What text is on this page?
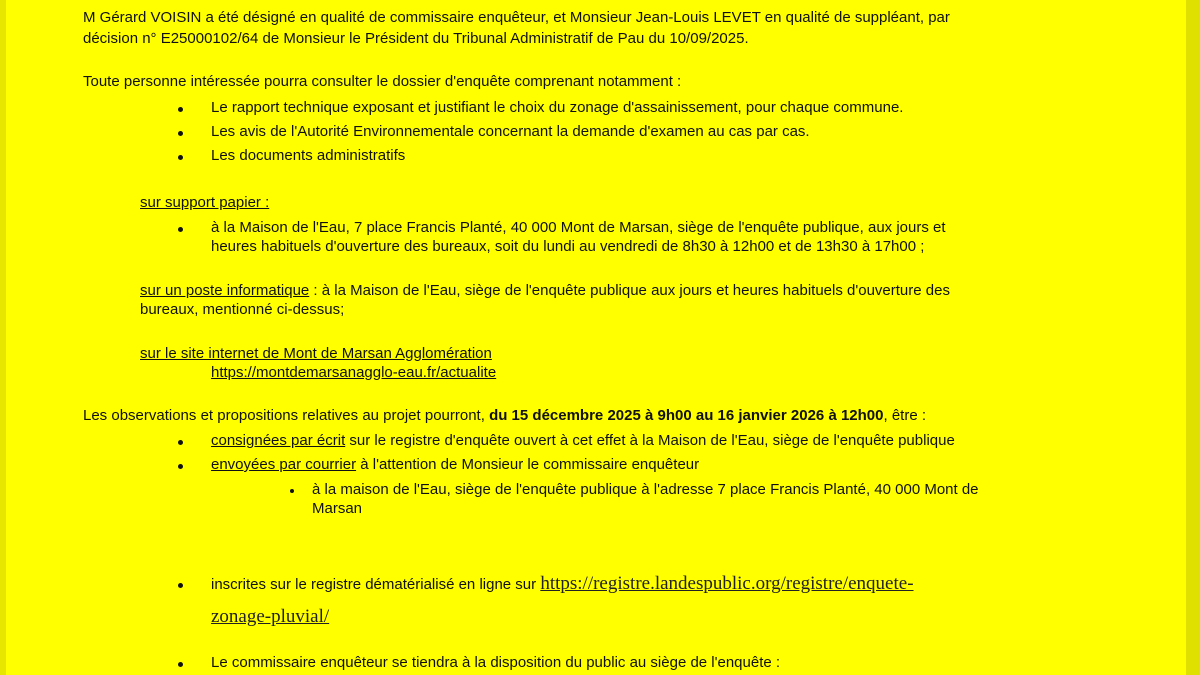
M Gérard VOISIN a été désigné en qualité de commissaire enquêteur, et Monsieur Jean-Louis LEVET en qualité de suppléant, par
décision n° E25000102/64 de Monsieur le Président du Tribunal Administratif de Pau du 10/09/2025.
Toute personne intéressée pourra consulter le dossier d'enquête comprenant notamment :
Le rapport technique exposant et justifiant le choix du zonage d'assainissement, pour chaque commune.
Les avis de l'Autorité Environnementale concernant la demande d'examen au cas par cas.
Les documents administratifs
sur support papier :
à la Maison de l'Eau, 7 place Francis Planté, 40 000 Mont de Marsan, siège de l'enquête publique, aux jours et
heures habituels d'ouverture des bureaux, soit du lundi au vendredi de 8h30 à 12h00 et de 13h30 à 17h00 ;
sur un poste informatique : à la Maison de l'Eau, siège de l'enquête publique aux jours et heures habituels d'ouverture des
bureaux, mentionné ci-dessus;
sur le site internet de Mont de Marsan Agglomération
https://montdemarsanagglo-eau.fr/actualite
Les observations et propositions relatives au projet pourront, du 15 décembre 2025 à 9h00 au 16 janvier 2026 à 12h00, être :
consignées par écrit sur le registre d'enquête ouvert à cet effet à la Maison de l'Eau, siège de l'enquête publique
envoyées par courrier à l'attention de Monsieur le commissaire enquêteur
à la maison de l'Eau, siège de l'enquête publique à l'adresse 7 place Francis Planté, 40 000 Mont de
Marsan
inscrites sur le registre dématérialisé en ligne sur https://registre.landespublic.org/registre/enquete-
zonage-pluvial/
Le commissaire enquêteur se tiendra à la disposition du public au siège de l'enquête :
